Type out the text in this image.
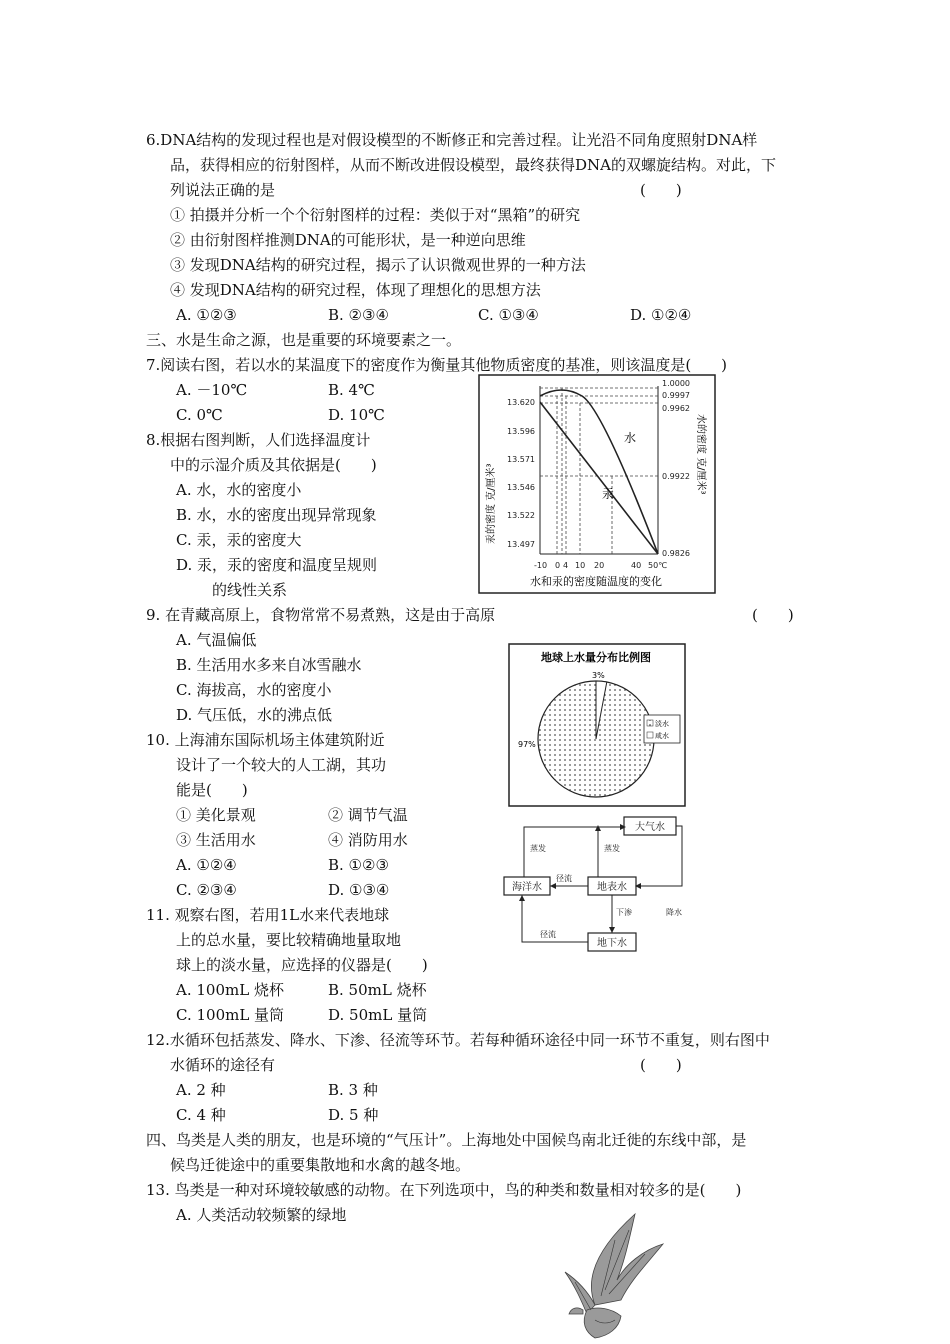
6.DNA结构的发现过程也是对假设模型的不断修正和完善过程。让光沿不同角度照射DNA样
品，获得相应的衍射图样，从而不断改进假设模型，最终获得DNA的双螺旋结构。对此，下
列说法正确的是	(　　)
① 拍摄并分析一个个衍射图样的过程：类似于对“黑箱”的研究
② 由衍射图样推测DNA的可能形状，是一种逆向思维
③ 发现DNA结构的研究过程，揭示了认识微观世界的一种方法
④ 发现DNA结构的研究过程，体现了理想化的思想方法
A. ①②③	B. ②③④	C. ①③④	D. ①②④
三、水是生命之源，也是重要的环境要素之一。
7.阅读右图，若以水的某温度下的密度作为衡量其他物质密度的基准，则该温度是(　　)
A. －10℃	B. 4℃
C. 0℃	D. 10℃
8.根据右图判断，人们选择温度计
中的示湿介质及其依据是(　　)
A. 水，水的密度小
B. 水，水的密度出现异常现象
C. 汞，汞的密度大
D. 汞，汞的密度和温度呈规则
的线性关系
9. 在青藏高原上，食物常常不易煮熟，这是由于高原	(　　)
A. 气温偏低
B. 生活用水多来自冰雪融水
C. 海拔高，水的密度小
D. 气压低，水的沸点低
10. 上海浦东国际机场主体建筑附近
设计了一个较大的人工湖，其功
能是(　　)
① 美化景观	② 调节气温
③ 生活用水	④ 消防用水
A. ①②④	B. ①②③
C. ②③④	D. ①③④
11. 观察右图，若用1L水来代表地球
上的总水量，要比较精确地量取地
球上的淡水量，应选择的仪器是(　　)
A. 100mL 烧杯	B. 50mL 烧杯
C. 100mL 量筒	D. 50mL 量筒
12.水循环包括蒸发、降水、下渗、径流等环节。若每种循环途径中同一环节不重复，则右图中
水循环的途径有	(　　)
A. 2 种	B. 3 种
C. 4 种	D. 5 种
四、鸟类是人类的朋友，也是环境的“气压计”。上海地处中国候鸟南北迁徙的东线中部，是
候鸟迁徙途中的重要集散地和水禽的越冬地。
13. 鸟类是一种对环境较敏感的动物。在下列选项中，鸟的种类和数量相对较多的是(　　)
A. 人类活动较频繁的绿地
水
汞
13.620
13.596
13.571
13.546
13.522
13.497
1.0000
0.9997
0.9962
0.9922
0.9826
-10 0 4 10 20	40 50℃
水和汞的密度随温度的变化
汞的密度 克/厘米³
水的密度 克/厘米³
地球上水量分布比例图
3%
97%
淡水
咸水
大气水
海洋水	地表水
地下水
蒸发	蒸发
降水
径流
下渗
径流
